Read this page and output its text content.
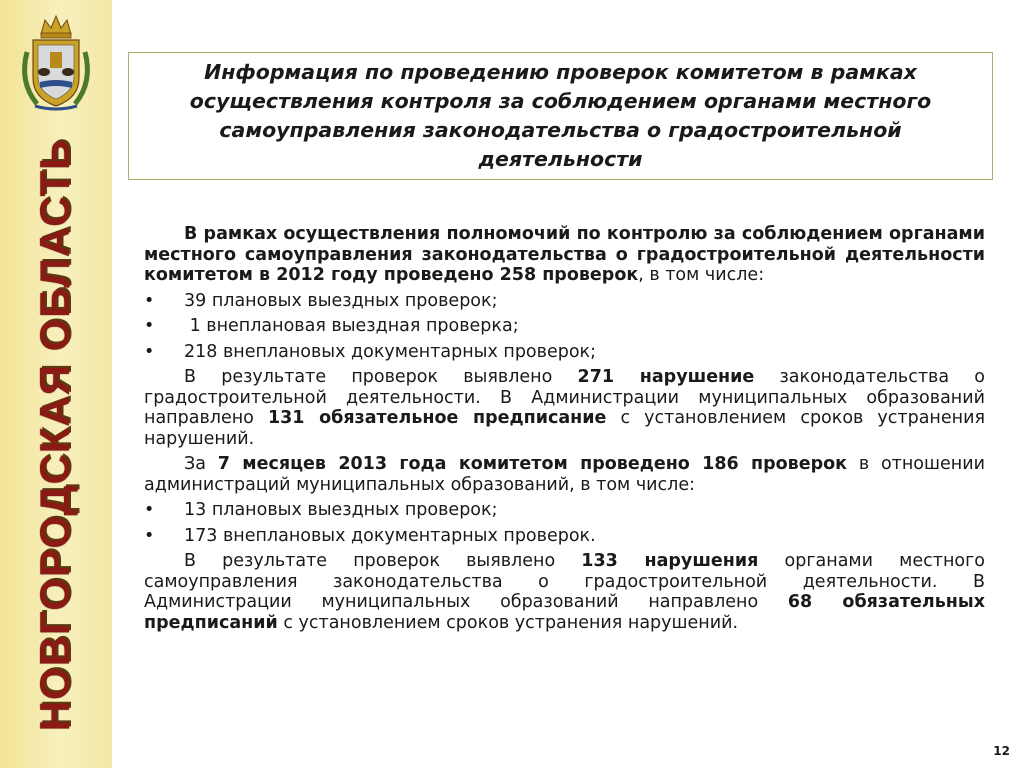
НОВГОРОДСКАЯ ОБЛАСТЬ
Информация по проведению проверок комитетом в рамках осуществления контроля за соблюдением органами местного самоуправления законодательства о градостроительной деятельности

В рамках осуществления полномочий по контролю за соблюдением органами местного самоуправления законодательства о градостроительной деятельности комитетом в 2012 году проведено 258 проверок, в том числе:

•	39 плановых выездных проверок;
•	1 внеплановая выездная проверка;
•	218 внеплановых документарных проверок;

В результате проверок выявлено 271 нарушение законодательства о градостроительной деятельности. В Администрации муниципальных образований направлено 131 обязательное предписание с установлением сроков устранения нарушений.

За 7 месяцев 2013 года комитетом проведено 186 проверок в отношении администраций муниципальных образований, в том числе:

•	13 плановых выездных проверок;
•	173 внеплановых документарных проверок.

В результате проверок выявлено 133 нарушения органами местного самоуправления законодательства о градостроительной деятельности. В Администрации муниципальных образований направлено 68 обязательных предписаний с установлением сроков устранения нарушений.

12
